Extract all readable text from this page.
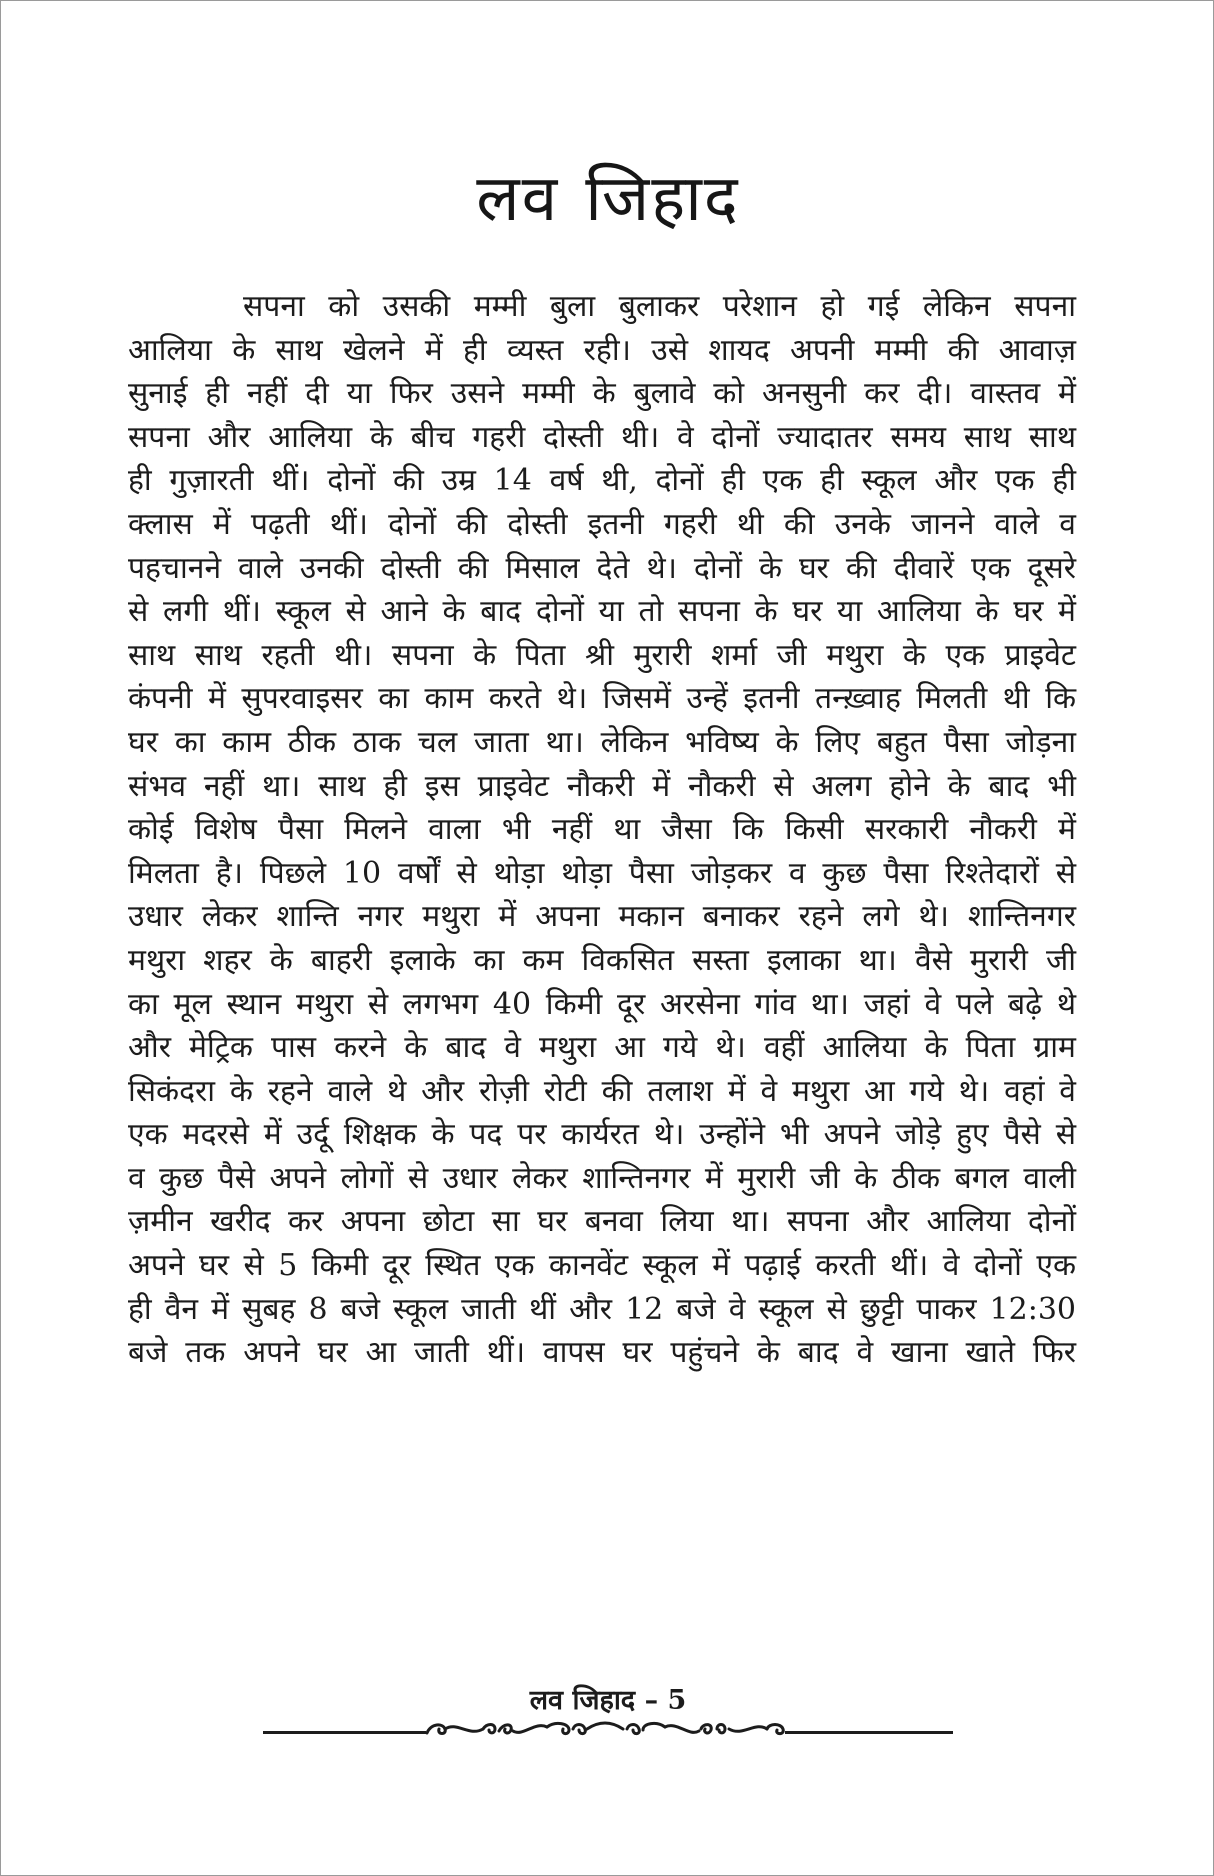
लव जिहाद
सपना को उसकी मम्मी बुला बुलाकर परेशान हो गई लेकिन सपना
आलिया के साथ खेलने में ही व्यस्त रही। उसे शायद अपनी मम्मी की आवाज़
सुनाई ही नहीं दी या फिर उसने मम्मी के बुलावे को अनसुनी कर दी। वास्तव में
सपना और आलिया के बीच गहरी दोस्ती थी। वे दोनों ज्यादातर समय साथ साथ
ही गुज़ारती थीं। दोनों की उम्र 14 वर्ष थी, दोनों ही एक ही स्कूल और एक ही
क्लास में पढ़ती थीं। दोनों की दोस्ती इतनी गहरी थी की उनके जानने वाले व
पहचानने वाले उनकी दोस्ती की मिसाल देते थे। दोनों के घर की दीवारें एक दूसरे
से लगी थीं। स्कूल से आने के बाद दोनों या तो सपना के घर या आलिया के घर में
साथ साथ रहती थी। सपना के पिता श्री मुरारी शर्मा जी मथुरा के एक प्राइवेट
कंपनी में सुपरवाइसर का काम करते थे। जिसमें उन्हें इतनी तन्ख़्वाह मिलती थी कि
घर का काम ठीक ठाक चल जाता था। लेकिन भविष्य के लिए बहुत पैसा जोड़ना
संभव नहीं था। साथ ही इस प्राइवेट नौकरी में नौकरी से अलग होने के बाद भी
कोई विशेष पैसा मिलने वाला भी नहीं था जैसा कि किसी सरकारी नौकरी में
मिलता है। पिछले 10 वर्षों से थोड़ा थोड़ा पैसा जोड़कर व कुछ पैसा रिश्तेदारों से
उधार लेकर शान्ति नगर मथुरा में अपना मकान बनाकर रहने लगे थे। शान्तिनगर
मथुरा शहर के बाहरी इलाके का कम विकसित सस्ता इलाका था। वैसे मुरारी जी
का मूल स्थान मथुरा से लगभग 40 किमी दूर अरसेना गांव था। जहां वे पले बढ़े थे
और मेट्रिक पास करने के बाद वे मथुरा आ गये थे। वहीं आलिया के पिता ग्राम
सिकंदरा के रहने वाले थे और रोज़ी रोटी की तलाश में वे मथुरा आ गये थे। वहां वे
एक मदरसे में उर्दू शिक्षक के पद पर कार्यरत थे। उन्होंने भी अपने जोड़े हुए पैसे से
व कुछ पैसे अपने लोगों से उधार लेकर शान्तिनगर में मुरारी जी के ठीक बगल वाली
ज़मीन खरीद कर अपना छोटा सा घर बनवा लिया था। सपना और आलिया दोनों
अपने घर से 5 किमी दूर स्थित एक कानवेंट स्कूल में पढ़ाई करती थीं। वे दोनों एक
ही वैन में सुबह 8 बजे स्कूल जाती थीं और 12 बजे वे स्कूल से छुट्टी पाकर 12:30
बजे तक अपने घर आ जाती थीं। वापस घर पहुंचने के बाद वे खाना खाते फिर
लव जिहाद – 5
